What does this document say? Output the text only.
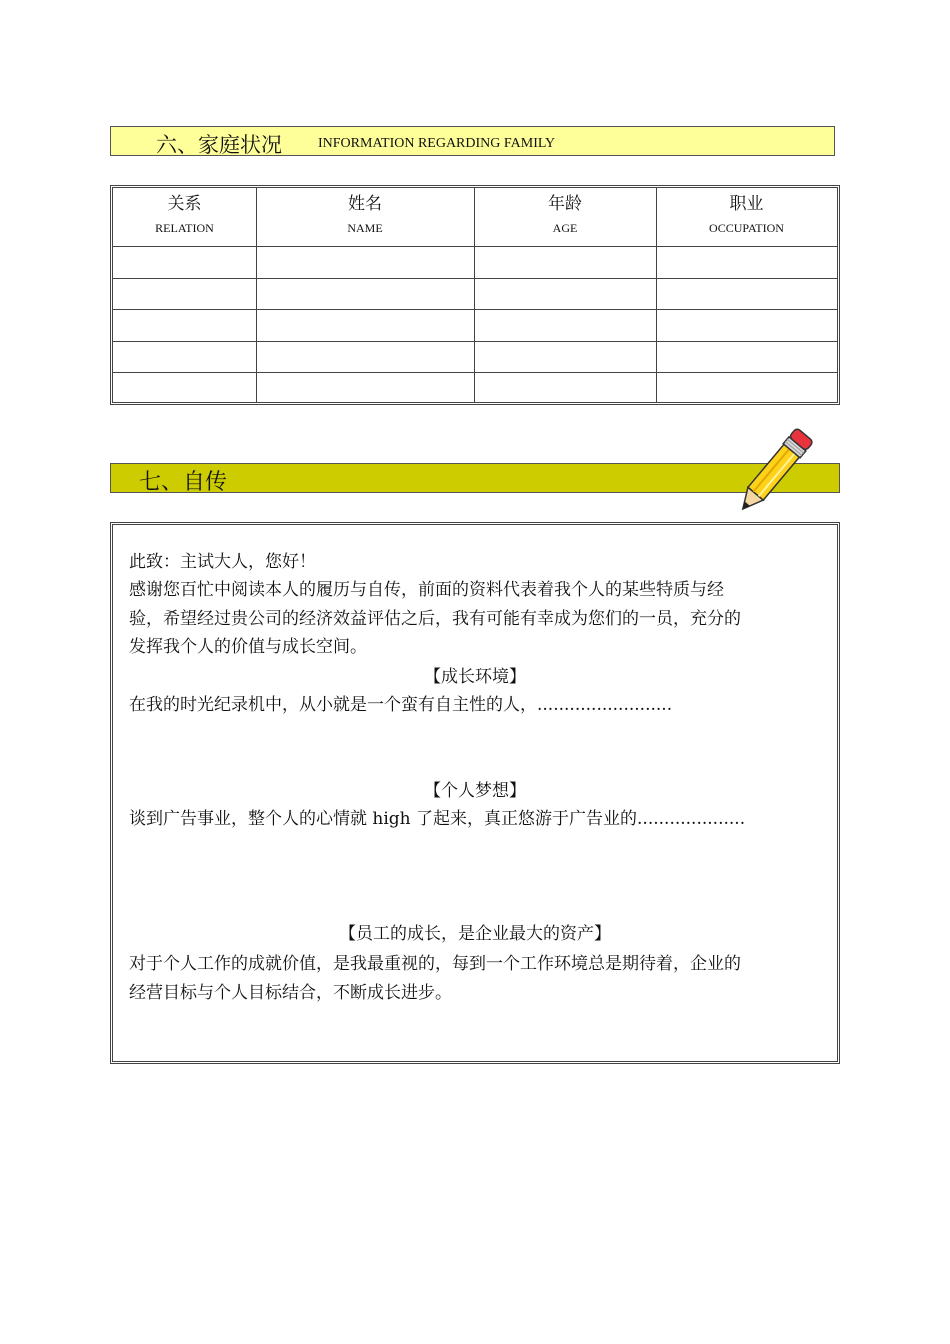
六、家庭状况	INFORMATION REGARDING FAMILY
关系
RELATION
姓名
NAME
年龄
AGE
职业
OCCUPATION
七、自传
此致：主试大人，您好！
感谢您百忙中阅读本人的履历与自传，前面的资料代表着我个人的某些特质与经
验，希望经过贵公司的经济效益评估之后，我有可能有幸成为您们的一员，充分的
发挥我个人的价值与成长空间。
【成长环境】
在我的时光纪录机中，从小就是一个蛮有自主性的人，.........................
【个人梦想】
谈到广告事业，整个人的心情就 high 了起来，真正悠游于广告业的....................
【员工的成长，是企业最大的资产】
对于个人工作的成就价值，是我最重视的，每到一个工作环境总是期待着，企业的
经营目标与个人目标结合，不断成长进步。
